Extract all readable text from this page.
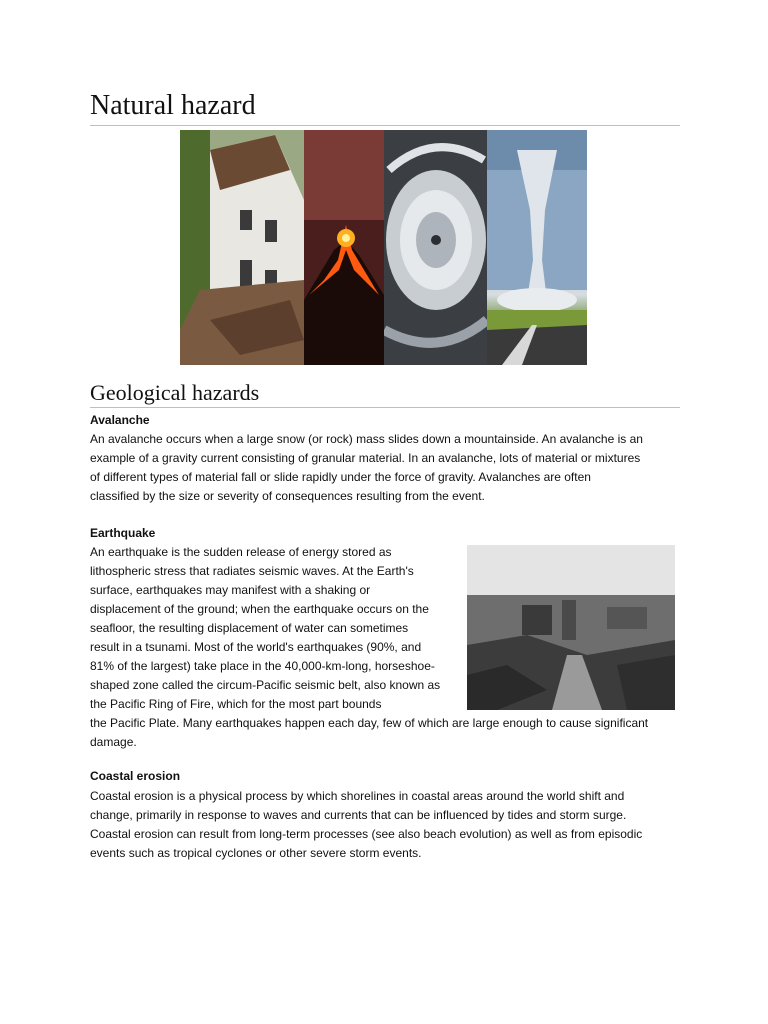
Natural hazard
Geological hazards
Avalanche
An avalanche occurs when a large snow (or rock) mass slides down a mountainside. An avalanche is an
example of a gravity current consisting of granular material. In an avalanche, lots of material or mixtures
of different types of material fall or slide rapidly under the force of gravity. Avalanches are often
classified by the size or severity of consequences resulting from the event.
Earthquake
An earthquake is the sudden release of energy stored as
lithospheric stress that radiates seismic waves. At the Earth's
surface, earthquakes may manifest with a shaking or
displacement of the ground; when the earthquake occurs on the
seafloor, the resulting displacement of water can sometimes
result in a tsunami. Most of the world's earthquakes (90%, and
81% of the largest) take place in the 40,000-km-long, horseshoe-
shaped zone called the circum-Pacific seismic belt, also known as
the Pacific Ring of Fire, which for the most part bounds
the Pacific Plate. Many earthquakes happen each day, few of which are large enough to cause significant
damage.
Coastal erosion
Coastal erosion is a physical process by which shorelines in coastal areas around the world shift and
change, primarily in response to waves and currents that can be influenced by tides and storm surge.
Coastal erosion can result from long-term processes (see also beach evolution) as well as from episodic
events such as tropical cyclones or other severe storm events.
